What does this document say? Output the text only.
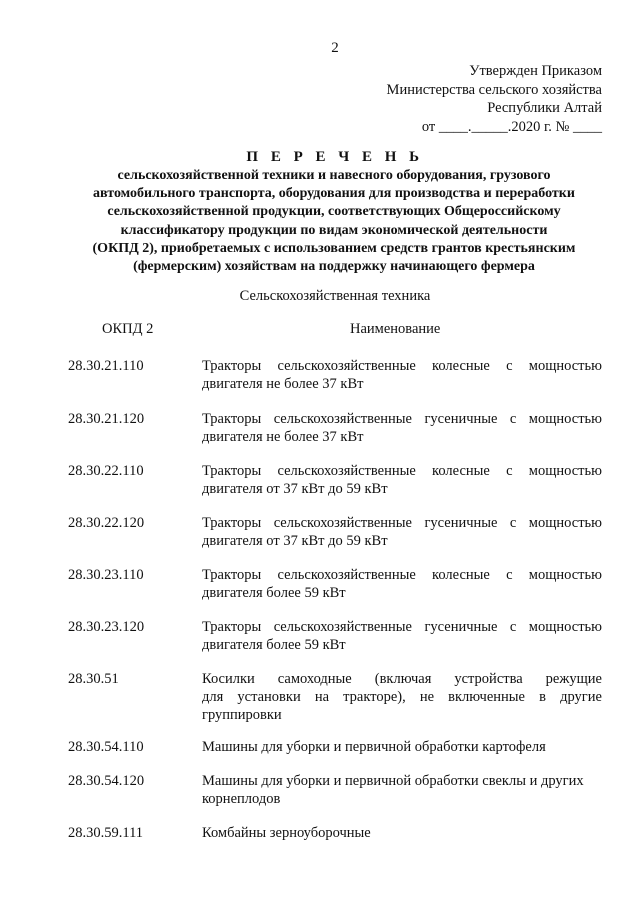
2
Утвержден Приказом
Министерства сельского хозяйства
Республики Алтай
от ____._____.2020 г. № ____
П Е Р Е Ч Е Н Ь
сельскохозяйственной техники и навесного оборудования, грузового
автомобильного транспорта, оборудования для производства и переработки
сельскохозяйственной продукции, соответствующих Общероссийскому
классификатору продукции по видам экономической деятельности
(ОКПД 2), приобретаемых с использованием средств грантов крестьянским
(фермерским) хозяйствам на поддержку начинающего фермера
Сельскохозяйственная техника
ОКПД 2	Наименование
28.30.21.110	Тракторы сельскохозяйственные колесные с мощностью
двигателя не более 37 кВт
28.30.21.120	Тракторы сельскохозяйственные гусеничные с мощностью
двигателя не более 37 кВт
28.30.22.110	Тракторы сельскохозяйственные колесные с мощностью
двигателя от 37 кВт до 59 кВт
28.30.22.120	Тракторы сельскохозяйственные гусеничные с мощностью
двигателя от 37 кВт до 59 кВт
28.30.23.110	Тракторы сельскохозяйственные колесные с мощностью
двигателя более 59 кВт
28.30.23.120	Тракторы сельскохозяйственные гусеничные с мощностью
двигателя более 59 кВт
28.30.51	Косилки самоходные (включая устройства режущие
для установки на тракторе), не включенные в другие
группировки
28.30.54.110	Машины для уборки и первичной обработки картофеля
28.30.54.120	Машины для уборки и первичной обработки свеклы и других
корнеплодов
28.30.59.111	Комбайны зерноуборочные
